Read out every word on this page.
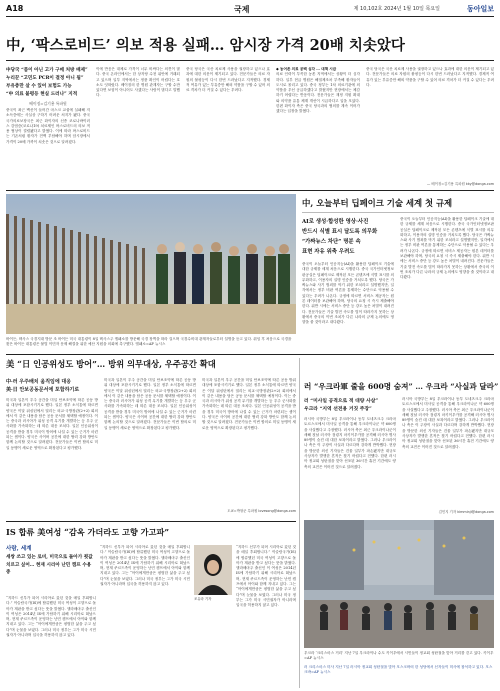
A18	국제	제 10,102호 2024년 1월 10일 목요일	동아일보
中, ‘팍스로비드’ 의보 적용 실패… 암시장 가격 20배 치솟았다
中당국 “품이 아닌 고가 구매 처방 배제”
누리꾼 “고민도 PCR이 결정 아니 됨”
부유층만 살 수 있어 보험도 가능
“中 의료 불평등 현실 드러나” 지적
베이징=김기용 특파원
중국이 최근 백신이 들어간 마스크 교섭에 실패해 저소득층에는 사실상 구하기 어려운 처지가 됐다. 중국 국가의료보장국은 최근 화이자의 신종 코로나바이러스 감염증(코로나19) 치료제인 팍스로비드의 의보 적용 협상이 결렬됐다고 밝혔다. 이에 따라 팍스로비드는 기존처럼 환자가 전액 부담해야 하며 암시장에서 가격이 20배 가까이 치솟은 것으로 알려졌다.
이에 반응은 대체로 가격이 너무 비싸다는 의견이 많다. 중국 온라인에서는 한 상자당 수천 위안에 거래되고 있으며 일부 지역에서는 정품 확인이 어렵다는 호소도 잇따랐다. 베이징의 한 병원 관계자는 구할 수만 있다면 보험이 아니어도 사겠다는 사람이 많다고 말했다.
중국 당국은 국산 치료제 사용을 권장하고 있으나 효과에 대한 의문이 제기되고 있다. 전문가들은 의료 자원의 불평등이 다시 한번 드러났다고 지적했다. 경제적 여유가 있는 부유층만 해외 약품을 구할 수 있어 의료 격차가 더 커질 수 있다는 우려다.
◆ 농어촌 의료 공백 심각 … 대책 시급
의료 인력이 부족한 농촌 지역에서는 상황이 더 심각하다. 일부 현급 병원은 해열제조차 부족해 환자들이 도시로 몰리고 있다. 중국 정부는 1차 의료기관에 의약품을 우선 공급하겠다고 밝혔지만 현장에서는 체감하기 어렵다는 반응이다. 전문가들은 재정 지원 확대와 의약품 유통 체계 개선이 시급하다고 입을 모았다. 한편 화이자 측은 중국 당국과의 협의를 계속 이어가겠다는 입장을 밝혔다.
중국 당국은 국산 치료제 사용을 권장하고 있으나 효과에 대한 의문이 제기되고 있다. 전문가들은 의료 자원의 불평등이 다시 한번 드러났다고 지적했다. 경제적 여유가 있는 부유층만 해외 약품을 구할 수 있어 의료 격차가 더 커질 수 있다는 우려다.
— 베이징=김기용 특파원 kky@donga.com
바이든, 텍사스 국경지대 방문 조 바이든 미국 대통령이 8일 텍사스주 엘패소를 방문해 국경 장벽을 따라 걸으며 국경수비대 관계자들로부터 설명을 듣고 있다. 취임 후 처음으로 국경을 찾은 바이든 대통령은 불법 이민자 문제 해결을 위한 예산 지원을 의회에 촉구했다. 엘패소=AP 뉴시스
中, 오늘부터 딥페이크 기술 세계 첫 규제
AI로 생성·합성한 영상·사진
반드시 식별 표시 달도록 의무화
“가짜뉴스 차단” 명분 속
표현 자유 위축 우려도
중국이 오늘부터 인공지능(AI)을 활용한 딥페이크 기술에 대한 규제를 세계 처음으로 시행한다. 중국 국가인터넷정보판공실은 딥페이크로 제작된 모든 콘텐츠에 식별 표시를 의무화하고, 이용자의 실명 인증을 거치도록 했다. 당국은 가짜뉴스와 사기 범죄를 막기 위한 조치라고 설명했지만, 일각에서는 정부 비판 여론을 통제하는 수단으로 악용될 수 있다는 우려가 나온다. 규정에 따르면 서비스 제공자는 원본 데이터를 보관해야 하며, 당국의 요청 시 즉시 제출해야 한다. 위반 시에는 서비스 중단 등 강도 높은 처벌이 내려진다. 전문가들은 기술 발전 속도를 법이 따라가지 못하는 상황에서 중국의 이번 조치가 다른 나라의 규제 논의에도 영향을 줄 것이라고 내다봤다.
중국이 오늘부터 인공지능(AI)을 활용한 딥페이크 기술에 대한 규제를 세계 처음으로 시행한다. 중국 국가인터넷정보판공실은 딥페이크로 제작된 모든 콘텐츠에 식별 표시를 의무화하고, 이용자의 실명 인증을 거치도록 했다. 당국은 가짜뉴스와 사기 범죄를 막기 위한 조치라고 설명했지만, 일각에서는 정부 비판 여론을 통제하는 수단으로 악용될 수 있다는 우려가 나온다. 규정에 따르면 서비스 제공자는 원본 데이터를 보관해야 하며, 당국의 요청 시 즉시 제출해야 한다. 위반 시에는 서비스 중단 등 강도 높은 처벌이 내려진다. 전문가들은 기술 발전 속도를 법이 따라가지 못하는 상황에서 중국의 이번 조치가 다른 나라의 규제 논의에도 영향을 줄 것이라고 내다봤다.
美 “日 인공위성도 방어”… 방위 의무대상, 우주공간 확대
中·러 우주배치 움직임에 대응
美·日 안보공동문서에 포함하기로
미국과 일본이 우주 공간을 미일 안보조약에 따른 공동 방위 대상에 포함시키기로 했다. 일본 정부 소식통에 따르면 양국은 이달 워싱턴에서 열리는 외교·국방장관(2+2) 회의에서 이 같은 내용을 담은 공동 문서를 채택할 예정이다. 이는 중국과 러시아가 위성 공격 무기를 개발하는 등 우주 군사화를 가속화하는 데 따른 대응 조치다. 일본 인공위성이 공격을 받을 경우 미국이 방어에 나설 수 있는 근거가 마련되는 셈이다. 양국은 사이버 공간에 대한 협력 강화 방안도 함께 논의할 것으로 알려졌다. 전문가들은 이번 합의로 미일 동맹이 새로운 영역으로 확장된다고 평가했다.
미국과 일본이 우주 공간을 미일 안보조약에 따른 공동 방위 대상에 포함시키기로 했다. 일본 정부 소식통에 따르면 양국은 이달 워싱턴에서 열리는 외교·국방장관(2+2) 회의에서 이 같은 내용을 담은 공동 문서를 채택할 예정이다. 이는 중국과 러시아가 위성 공격 무기를 개발하는 등 우주 군사화를 가속화하는 데 따른 대응 조치다. 일본 인공위성이 공격을 받을 경우 미국이 방어에 나설 수 있는 근거가 마련되는 셈이다. 양국은 사이버 공간에 대한 협력 강화 방안도 함께 논의할 것으로 알려졌다. 전문가들은 이번 합의로 미일 동맹이 새로운 영역으로 확장된다고 평가했다.
미국과 일본이 우주 공간을 미일 안보조약에 따른 공동 방위 대상에 포함시키기로 했다. 일본 정부 소식통에 따르면 양국은 이달 워싱턴에서 열리는 외교·국방장관(2+2) 회의에서 이 같은 내용을 담은 공동 문서를 채택할 예정이다. 이는 중국과 러시아가 위성 공격 무기를 개발하는 등 우주 군사화를 가속화하는 데 따른 대응 조치다. 일본 인공위성이 공격을 받을 경우 미국이 방어에 나설 수 있는 근거가 마련되는 셈이다. 양국은 사이버 공간에 대한 협력 강화 방안도 함께 논의할 것으로 알려졌다. 전문가들은 이번 합의로 미일 동맹이 새로운 영역으로 확장된다고 평가했다.
도쿄=박형준 특파원 lovesong@donga.com
IS 합류 美여성 “감옥 가더라도 고향 가고파”
사람, 세계
세쌍 쓰고 있는 로비, 미국으로 돌아가 죗값 치르고 싶어… 현재 시리아 난민 캠프 수용 중
“지하드 신부가 되어 시리아로 갔던 것을 매일 후회합니다.” 이슬람국가(IS)에 합류했던 미국 여성이 고향으로 돌아가 재판을 받고 싶다는 뜻을 밝혔다. 앨라배마주 출신인 이 여성은 2014년 IS에 가담하기 위해 시리아로 떠났으며, 현재 쿠르드족이 운영하는 난민 캠프에서 아이와 함께 지내고 있다. 그는 “아이에게만큼은 평범한 삶을 주고 싶다”며 눈물을 보였다. 그러나 미국 정부는 그가 미국 시민권자가 아니라며 입국을 허용하지 않고 있다.
“지하드 신부가 되어 시리아로 갔던 것을 매일 후회합니다.” 이슬람국가(IS)에 합류했던 미국 여성이 고향으로 돌아가 재판을 받고 싶다는 뜻을 밝혔다. 앨라배마주 출신인 이 여성은 2014년 IS에 가담하기 위해 시리아로 떠났으며, 현재 쿠르드족이 운영하는 난민 캠프에서 아이와 함께 지내고 있다. 그는 “아이에게만큼은 평범한 삶을 주고 싶다”며 눈물을 보였다. 그러나 미국 정부는 그가 미국 시민권자가 아니라며 입국을 허용하지 않고 있다.
조유라 기자
“지하드 신부가 되어 시리아로 갔던 것을 매일 후회합니다.” 이슬람국가(IS)에 합류했던 미국 여성이 고향으로 돌아가 재판을 받고 싶다는 뜻을 밝혔다. 앨라배마주 출신인 이 여성은 2014년 IS에 가담하기 위해 시리아로 떠났으며, 현재 쿠르드족이 운영하는 난민 캠프에서 아이와 함께 지내고 있다. 그는 “아이에게만큼은 평범한 삶을 주고 싶다”며 눈물을 보였다. 그러나 미국 정부는 그가 미국 시민권자가 아니라며 입국을 허용하지 않고 있다.
러 “우크라軍 줄을 600명 숨져” … 우크라 “사실과 달라”
러 “미사일 공격으로 적 대량 사살”
우크라 “지역 선전용 거짓 주장”
러시아 국방부는 8일 우크라이나 동부 도네츠크주 크라마토르스크에서 미사일 공격을 통해 우크라이나군 약 600명을 사살했다고 주장했다. 러시아 측은 최근 우크라이나군이 새해 첫날 러시아 점령지 마키이우카를 공격해 러시아 병사 89명이 숨진 데 대한 보복이라고 밝혔다. 그러나 우크라이나 측은 이 주장이 사실과 다르다며 강하게 반박했다. 현장을 방문한 외신 기자들은 건물 일부가 파손됐지만 대규모 사상자가 발생한 흔적은 찾기 어렵다고 전했다. 한편 러시아 정교회 성탄절을 맞아 선포된 36시간 휴전 기간에도 양측의 교전은 이어진 것으로 알려졌다.
러시아 국방부는 8일 우크라이나 동부 도네츠크주 크라마토르스크에서 미사일 공격을 통해 우크라이나군 약 600명을 사살했다고 주장했다. 러시아 측은 최근 우크라이나군이 새해 첫날 러시아 점령지 마키이우카를 공격해 러시아 병사 89명이 숨진 데 대한 보복이라고 밝혔다. 그러나 우크라이나 측은 이 주장이 사실과 다르다며 강하게 반박했다. 현장을 방문한 외신 기자들은 건물 일부가 파손됐지만 대규모 사상자가 발생한 흔적은 찾기 어렵다고 전했다. 한편 러시아 정교회 성탄절을 맞아 선포된 36시간 휴전 기간에도 양측의 교전은 이어진 것으로 알려졌다.
김민지 기자 kimminji@donga.com
우크라 ‘크리스마스 거리’ 지난 7일 우크라이나 수도 키이우에서 시민들이 정교회 성탄절을 맞아 거리를 걷고 있다. 키이우=AP 뉴시스
러 크리스마스 미사 지난 7일 러시아 정교회 성탄절을 맞아 모스크바의 한 성당에서 신자들이 미사에 참석하고 있다. 모스크바=AP 뉴시스
